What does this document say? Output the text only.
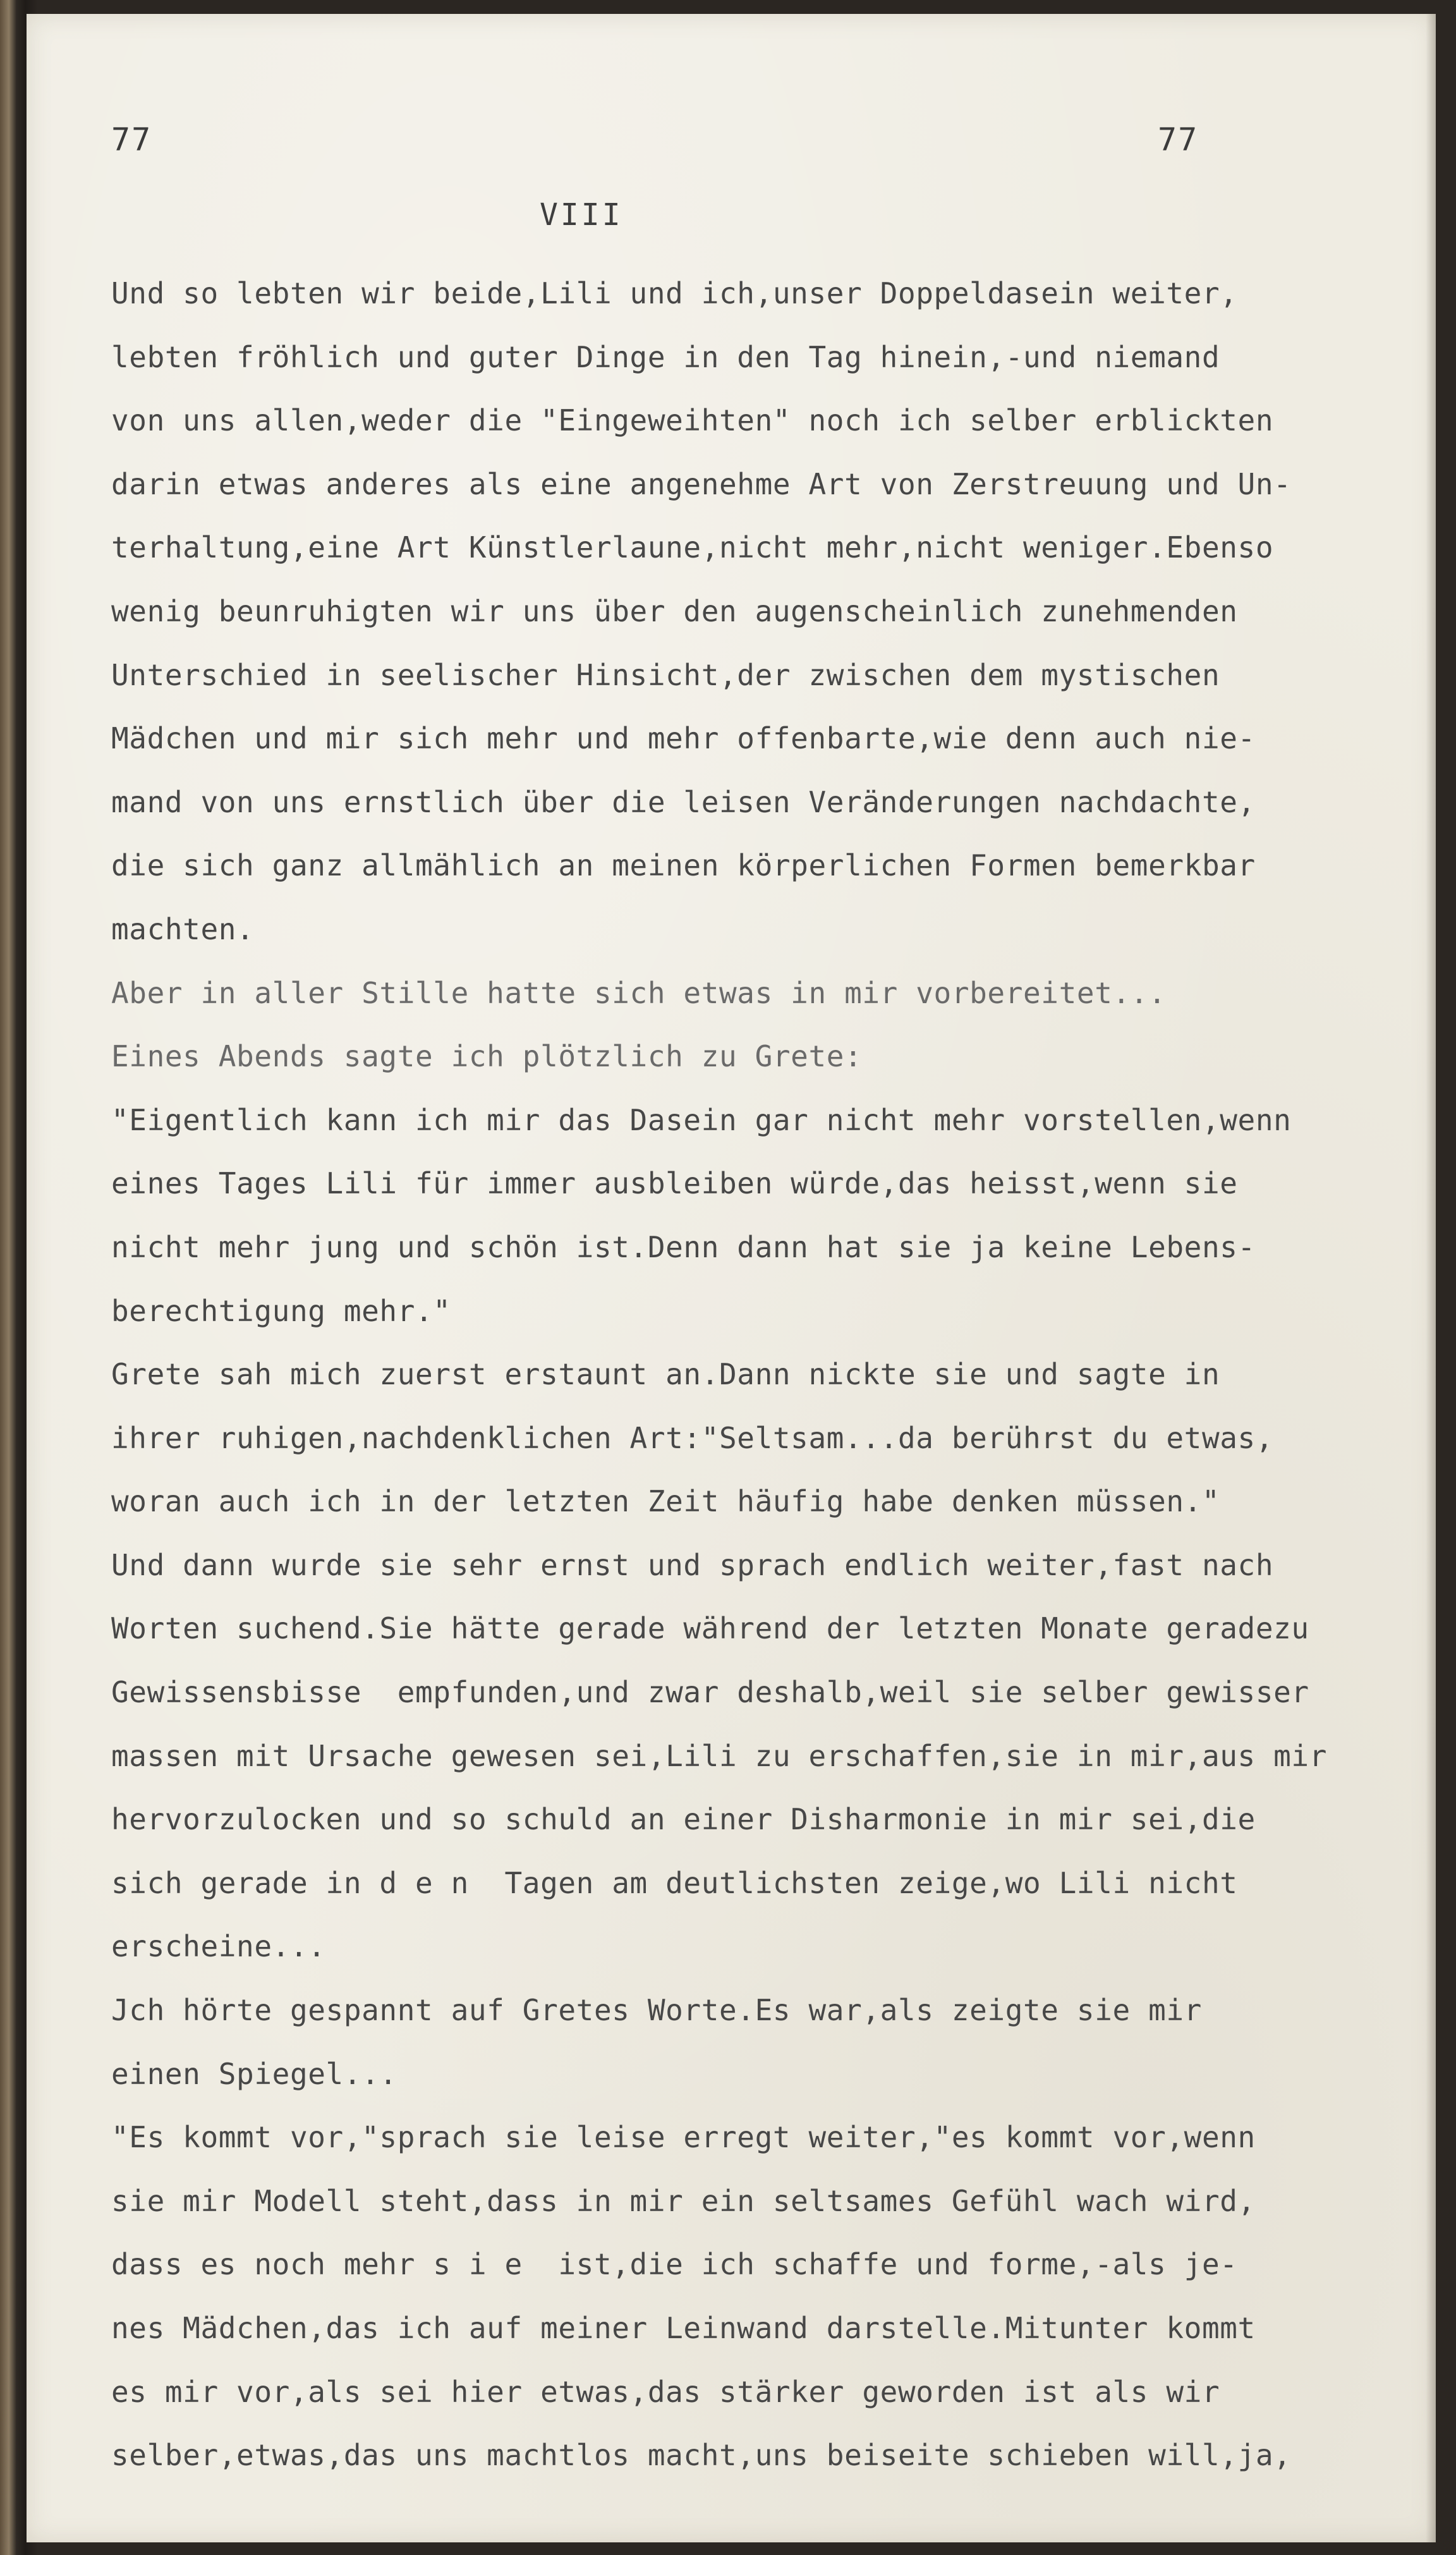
77	77
VIII
Und so lebten wir beide,Lili und ich,unser Doppeldasein weiter,
lebten fröhlich und guter Dinge in den Tag hinein,-und niemand
von uns allen,weder die "Eingeweihten" noch ich selber erblickten
darin etwas anderes als eine angenehme Art von Zerstreuung und Un-
terhaltung,eine Art Künstlerlaune,nicht mehr,nicht weniger.Ebenso
wenig beunruhigten wir uns über den augenscheinlich zunehmenden
Unterschied in seelischer Hinsicht,der zwischen dem mystischen
Mädchen und mir sich mehr und mehr offenbarte,wie denn auch nie-
mand von uns ernstlich über die leisen Veränderungen nachdachte,
die sich ganz allmählich an meinen körperlichen Formen bemerkbar
machten.
Aber in aller Stille hatte sich etwas in mir vorbereitet...
Eines Abends sagte ich plötzlich zu Grete:
"Eigentlich kann ich mir das Dasein gar nicht mehr vorstellen,wenn
eines Tages Lili für immer ausbleiben würde,das heisst,wenn sie
nicht mehr jung und schön ist.Denn dann hat sie ja keine Lebens-
berechtigung mehr."
Grete sah mich zuerst erstaunt an.Dann nickte sie und sagte in
ihrer ruhigen,nachdenklichen Art:"Seltsam...da berührst du etwas,
woran auch ich in der letzten Zeit häufig habe denken müssen."
Und dann wurde sie sehr ernst und sprach endlich weiter,fast nach
Worten suchend.Sie hätte gerade während der letzten Monate geradezu
Gewissensbisse  empfunden,und zwar deshalb,weil sie selber gewisser
massen mit Ursache gewesen sei,Lili zu erschaffen,sie in mir,aus mir
hervorzulocken und so schuld an einer Disharmonie in mir sei,die
sich gerade in d e n  Tagen am deutlichsten zeige,wo Lili nicht
erscheine...
Jch hörte gespannt auf Gretes Worte.Es war,als zeigte sie mir
einen Spiegel...
"Es kommt vor,"sprach sie leise erregt weiter,"es kommt vor,wenn
sie mir Modell steht,dass in mir ein seltsames Gefühl wach wird,
dass es noch mehr s i e  ist,die ich schaffe und forme,-als je-
nes Mädchen,das ich auf meiner Leinwand darstelle.Mitunter kommt
es mir vor,als sei hier etwas,das stärker geworden ist als wir
selber,etwas,das uns machtlos macht,uns beiseite schieben will,ja,
